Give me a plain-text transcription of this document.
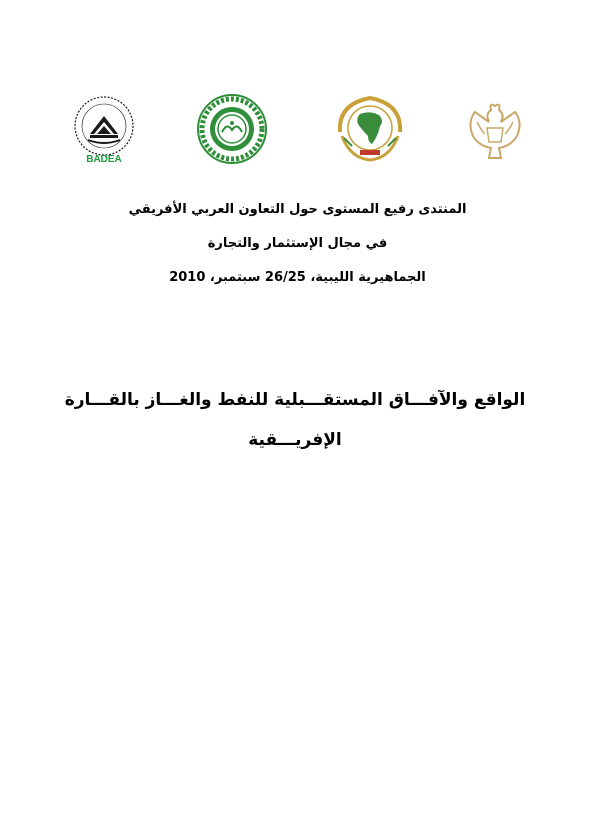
BADEA
المنتدى رفيع المستوى حول التعاون العربي الأفريقي
في مجال الإستثمار والتجارة
الجماهيرية الليبية، 26/25 سبتمبر، 2010
الواقع والآفـــاق المستقـــبلية للنفط والغـــاز بالقـــارة
الإفريـــقية
